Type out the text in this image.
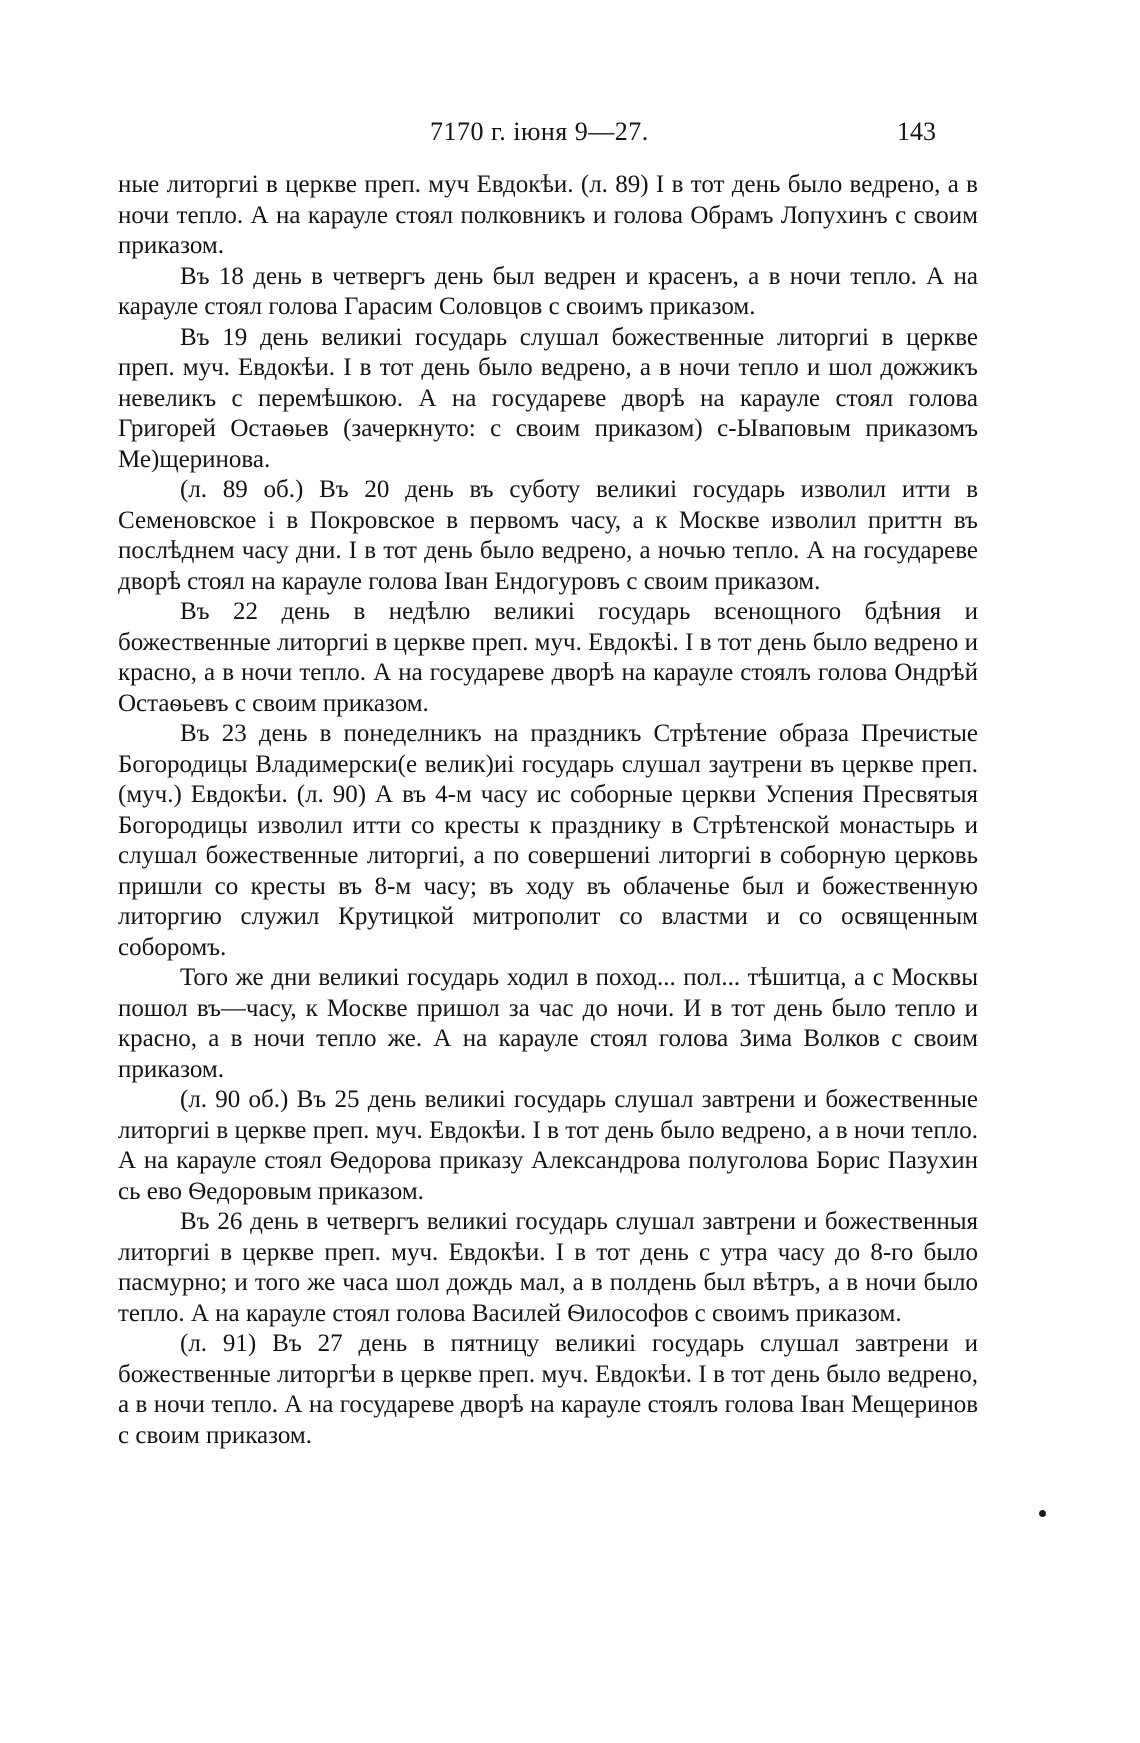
7170 г. іюня 9—27.	143

ные литоргиі в церкве преп. муч Евдокѣи. (л. 89) І в тот день было ведрено, а в ночи тепло. А на карауле стоял полковникъ и голова Обрамъ Лопухинъ с своим приказом.

Въ 18 день в четвергъ день был ведрен и красенъ, а в ночи тепло. А на карауле стоял голова Гарасим Соловцов с своимъ приказом.

Въ 19 день великиі государь слушал божественные литоргиі в церкве преп. муч. Евдокѣи. І в тот день было ведрено, а в ночи тепло и шол дожжикъ невеликъ с перемѣшкою. А на государеве дворѣ на карауле стоял голова Григорей Остаѳьев (зачеркнуто: с своим приказом) с-Ываповым приказомъ Ме)щеринова.

(л. 89 об.) Въ 20 день въ суботу великиі государь изволил итти в Семеновское і в Покровское в первомъ часу, а к Москве изволил приттн въ послѣднем часу дни. І в тот день было ведрено, а ночью тепло. А на государеве дворѣ стоял на карауле голова Іван Ендогуровъ с своим приказом.

Въ 22 день в недѣлю великиі государь всенощного бдѣния и божественные литоргиі в церкве преп. муч. Евдокѣі. І в тот день было ведрено и красно, а в ночи тепло. А на государеве дворѣ на карауле стоялъ голова Ондрѣй Остаѳьевъ с своим приказом.

Въ 23 день в понеделникъ на праздникъ Стрѣтение образа Пречистые Богородицы Владимерски(е велик)иі государь слушал заутрени въ церкве преп. (муч.) Евдокѣи. (л. 90) А въ 4-м часу ис соборные церкви Успения Пресвятыя Богородицы изволил итти со кресты к празднику в Стрѣтенской монастырь и слушал божественные литоргиі, а по совершениі литоргиі в соборную церковь пришли со кресты въ 8-м часу; въ ходу въ облаченье был и божественную литоргию служил Крутицкой митрополит со властми и со освященным соборомъ.

Того же дни великиі государь ходил в поход... пол... тѣшитца, а с Москвы пошол въ—часу, к Москве пришол за час до ночи. И в тот день было тепло и красно, а в ночи тепло же. А на карауле стоял голова Зима Волков с своим приказом.

(л. 90 об.) Въ 25 день великиі государь слушал завтрени и божественные литоргиі в церкве преп. муч. Евдокѣи. І в тот день было ведрено, а в ночи тепло. А на карауле стоял Ѳедорова приказу Александрова полуголова Борис Пазухин сь ево Ѳедоровым приказом.

Въ 26 день в четвергъ великиі государь слушал завтрени и божественныя литоргиі в церкве преп. муч. Евдокѣи. І в тот день с утра часу до 8-го было пасмурно; и того же часа шол дождь мал, а в полдень был вѣтръ, а в ночи было тепло. А на карауле стоял голова Василей Ѳилософов с своимъ приказом.

(л. 91) Въ 27 день в пятницу великиі государь слушал завтрени и божественные литоргѣи в церкве преп. муч. Евдокѣи. І в тот день было ведрено, а в ночи тепло. А на государеве дворѣ на карауле стоялъ голова Іван Мещеринов с своим приказом.
